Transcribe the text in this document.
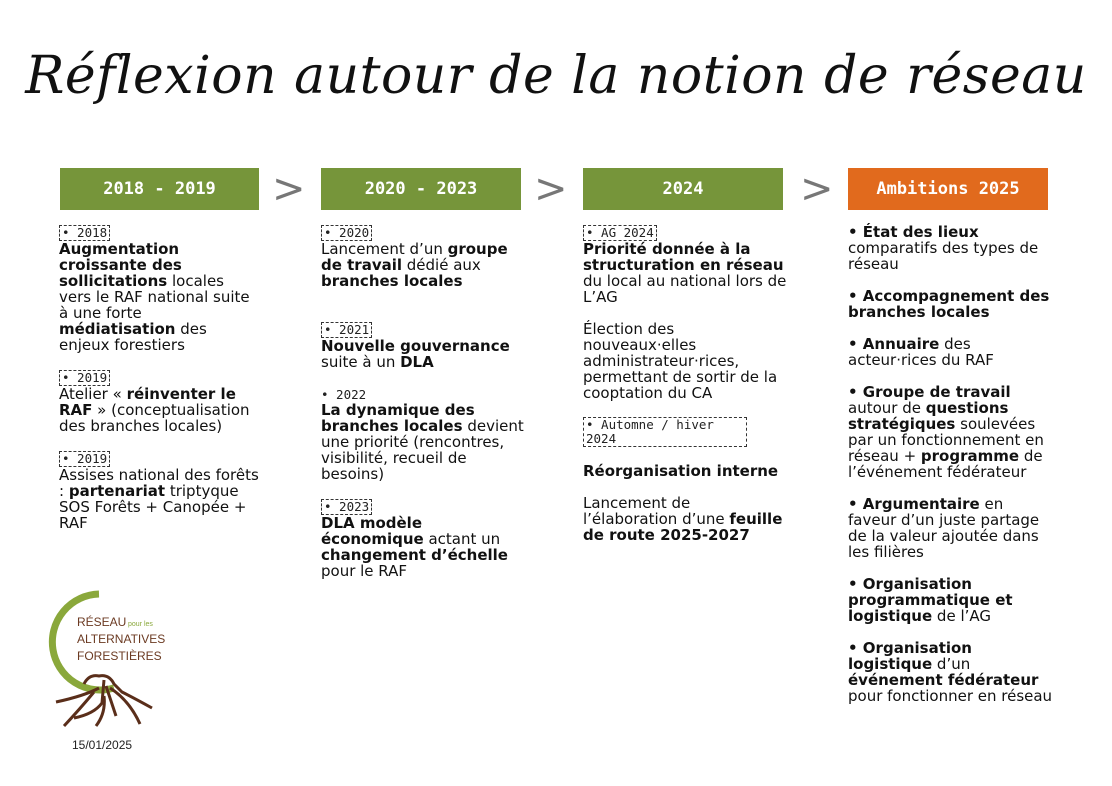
Réflexion autour de la notion de réseau
2018 - 2019	>	2020 - 2023	>	2024	>	Ambitions 2025
• 2018
Augmentation croissante des sollicitations locales vers le RAF national suite à une forte médiatisation des enjeux forestiers
• 2019
Atelier « réinventer le RAF » (conceptualisation des branches locales)
• 2019
Assises national des forêts : partenariat triptyque SOS Forêts + Canopée + RAF
• 2020
Lancement d’un groupe de travail dédié aux branches locales
• 2021
Nouvelle gouvernance suite à un DLA
• 2022
La dynamique des branches locales devient une priorité (rencontres, visibilité, recueil de besoins)
• 2023
DLA modèle économique actant un changement d’échelle pour le RAF
• AG 2024
Priorité donnée à la structuration en réseau du local au national lors de L’AG
Élection des nouveaux·elles administrateur·rices, permettant de sortir de la cooptation du CA
• Automne / hiver 2024
Réorganisation interne
Lancement de l’élaboration d’une feuille de route 2025-2027
• État des lieux comparatifs des types de réseau
• Accompagnement des branches locales
• Annuaire des acteur·rices du RAF
• Groupe de travail autour de questions stratégiques soulevées par un fonctionnement en réseau + programme de l’événement fédérateur
• Argumentaire en faveur d’un juste partage de la valeur ajoutée dans les filières
• Organisation programmatique et logistique de l’AG
• Organisation logistique d’un événement fédérateur pour fonctionner en réseau
RÉSEAU pour les
ALTERNATIVES
FORESTIÈRES
15/01/2025
